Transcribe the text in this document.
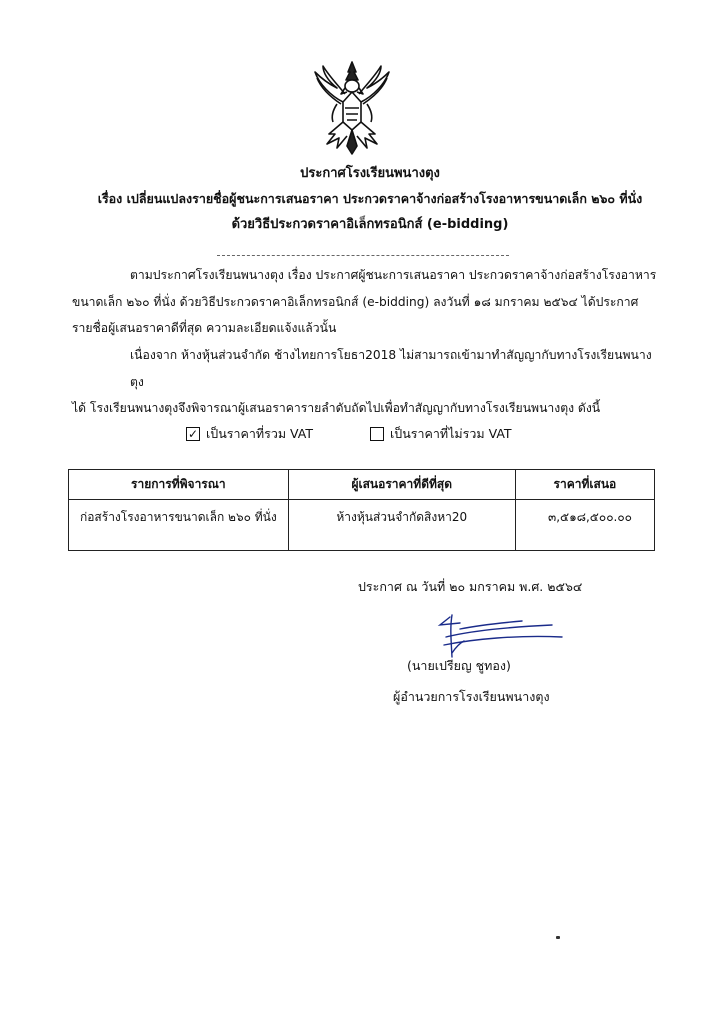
ประกาศโรงเรียนพนางตุง
เรื่อง เปลี่ยนแปลงรายชื่อผู้ชนะการเสนอราคา ประกวดราคาจ้างก่อสร้างโรงอาหารขนาดเล็ก ๒๖๐ ที่นั่ง
ด้วยวิธีประกวดราคาอิเล็กทรอนิกส์ (e-bidding)
ตามประกาศโรงเรียนพนางตุง เรื่อง ประกาศผู้ชนะการเสนอราคา ประกวดราคาจ้างก่อสร้างโรงอาหาร
ขนาดเล็ก ๒๖๐ ที่นั่ง ด้วยวิธีประกวดราคาอิเล็กทรอนิกส์ (e-bidding) ลงวันที่ ๑๘ มกราคม ๒๕๖๔ ได้ประกาศ
รายชื่อผู้เสนอราคาดีที่สุด ความละเอียดแจ้งแล้วนั้น
เนื่องจาก ห้างหุ้นส่วนจำกัด ช้างไทยการโยธา2018 ไม่สามารถเข้ามาทำสัญญากับทางโรงเรียนพนางตุง
ได้ โรงเรียนพนางตุงจึงพิจารณาผู้เสนอราคารายลำดับถัดไปเพื่อทำสัญญากับทางโรงเรียนพนางตุง ดังนี้
✓ เป็นราคาที่รวม VAT	เป็นราคาที่ไม่รวม VAT
รายการที่พิจารณา	ผู้เสนอราคาที่ดีที่สุด	ราคาที่เสนอ
ก่อสร้างโรงอาหารขนาดเล็ก ๒๖๐ ที่นั่ง	ห้างหุ้นส่วนจำกัดสิงหา20	๓,๕๑๘,๕๐๐.๐๐
ประกาศ ณ วันที่ ๒๐ มกราคม พ.ศ. ๒๕๖๔
(นายเปรียญ ชูทอง)
ผู้อำนวยการโรงเรียนพนางตุง
